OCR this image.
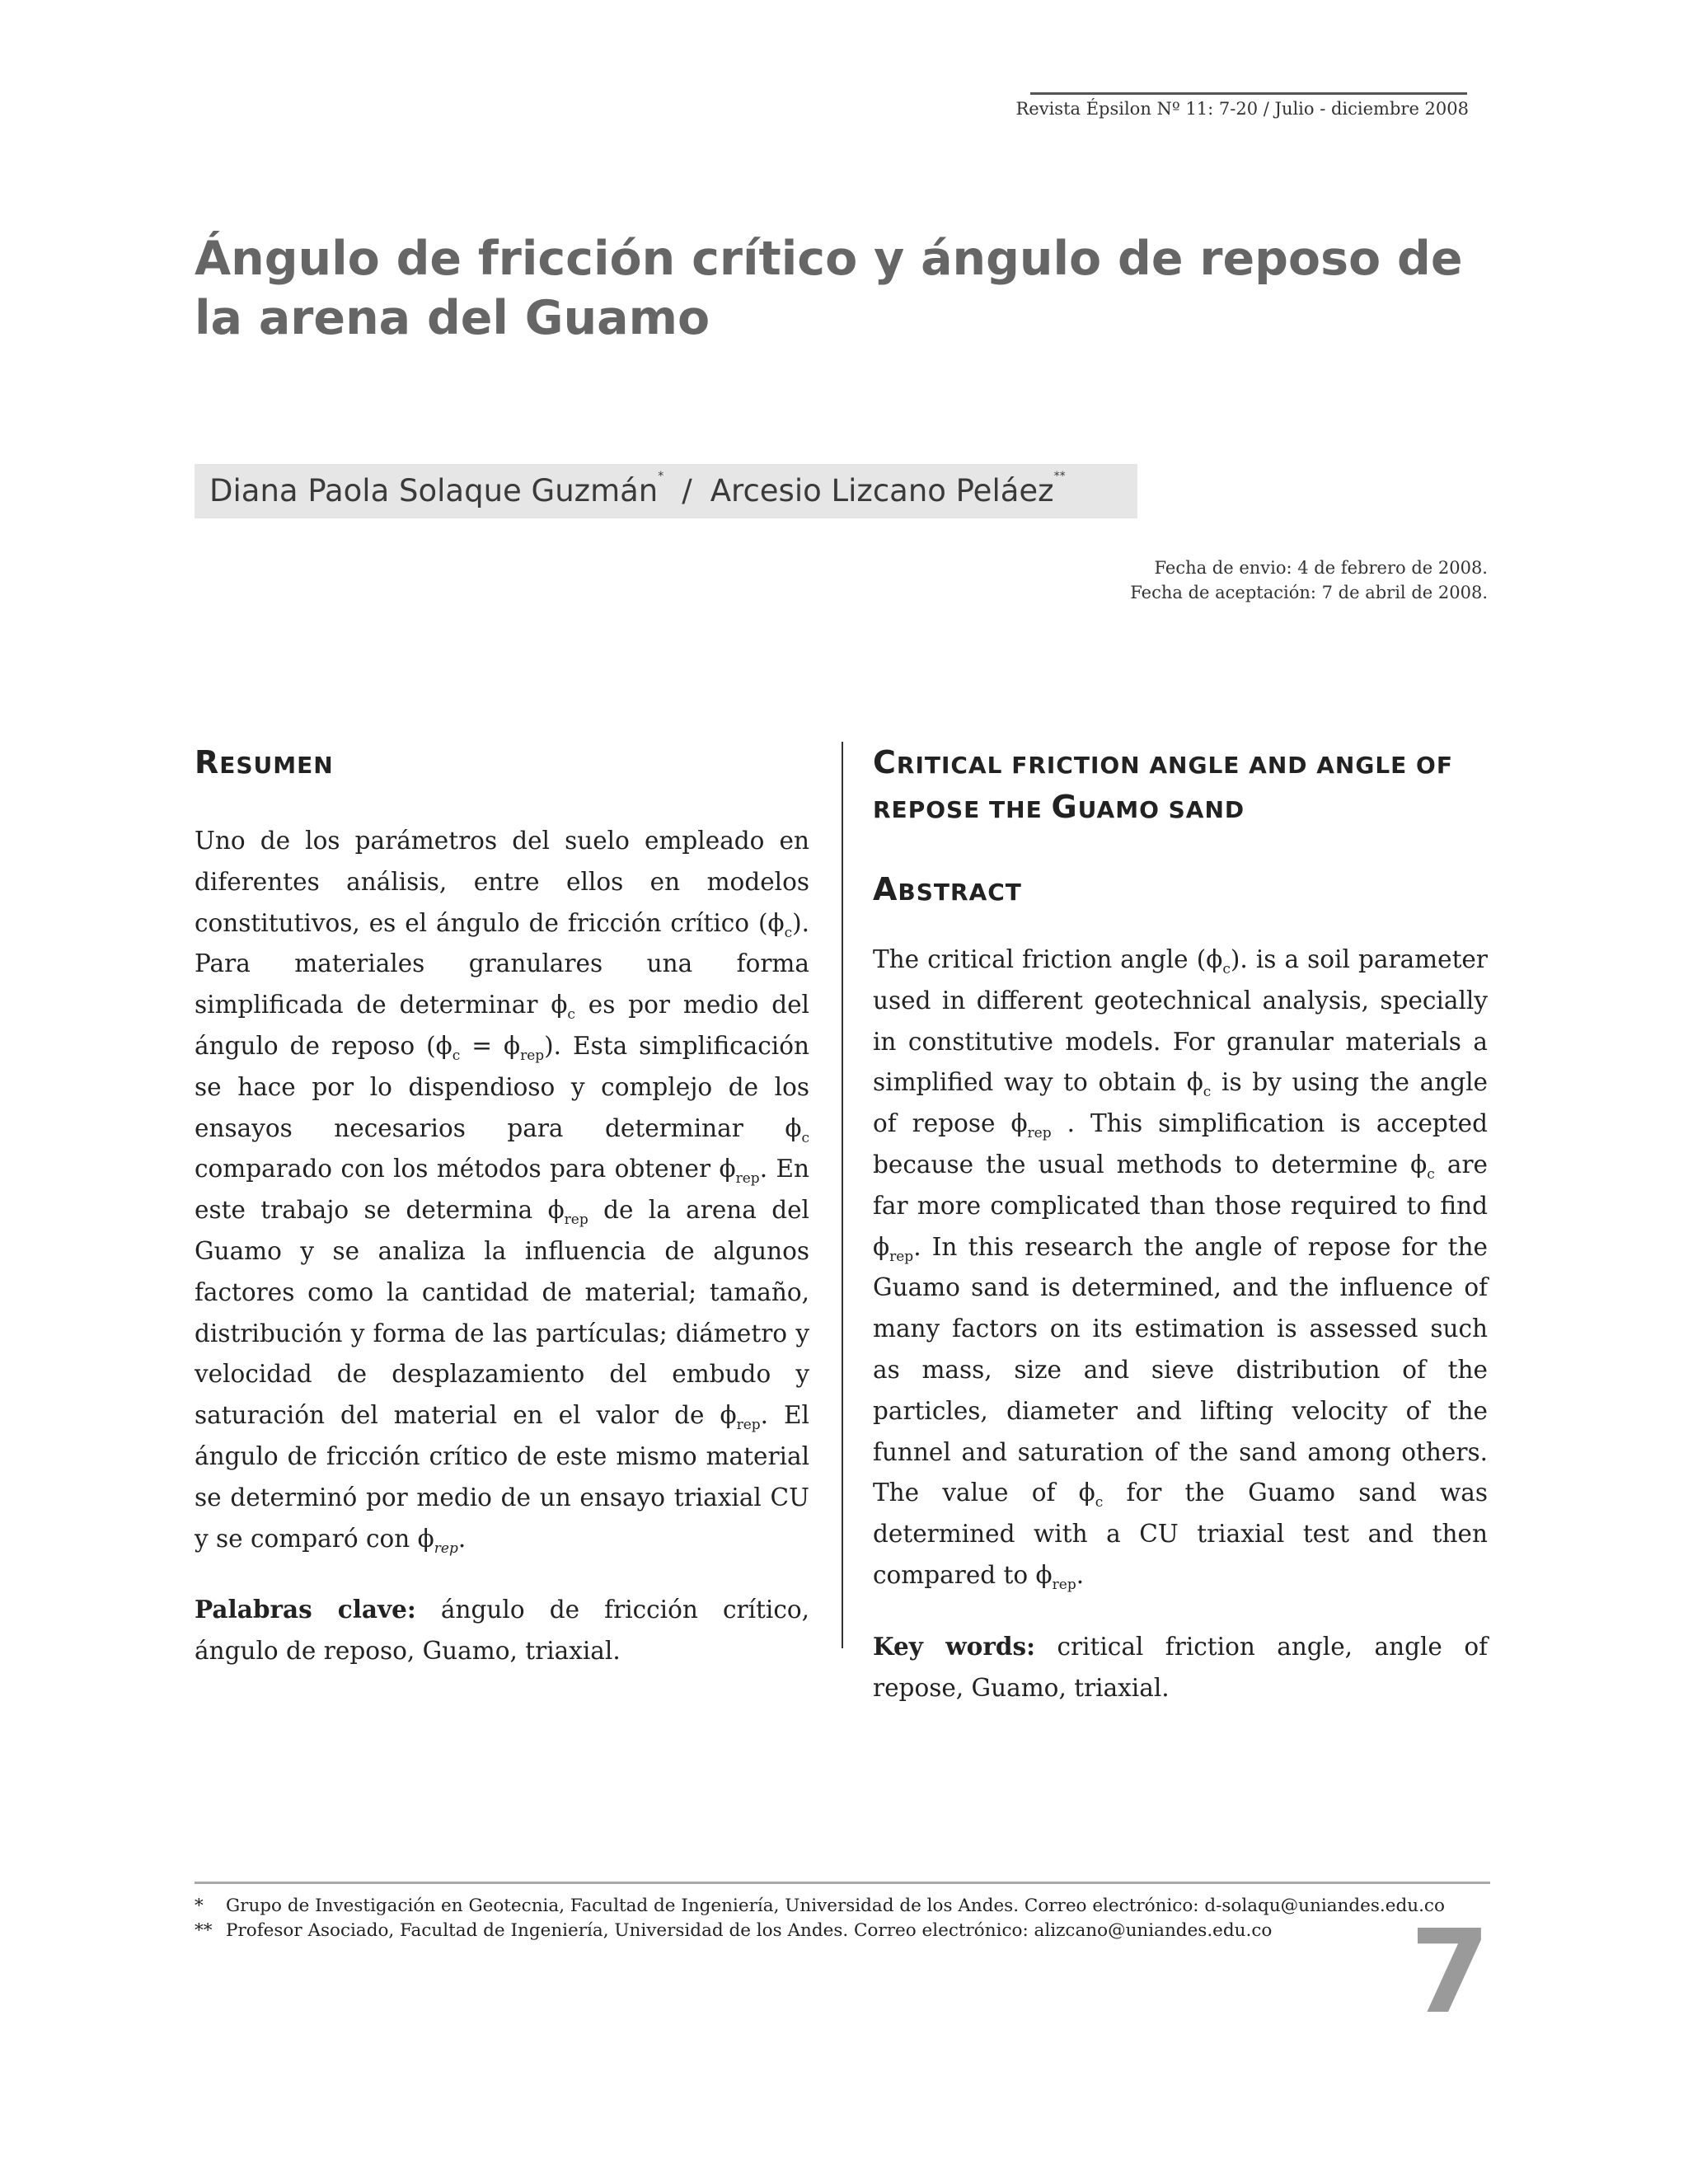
Revista Épsilon Nº 11: 7-20 / Julio - diciembre 2008
Ángulo de fricción crítico y ángulo de reposo de la arena del Guamo
Diana Paola Solaque Guzmán* / Arcesio Lizcano Peláez**
Fecha de envio: 4 de febrero de 2008.
Fecha de aceptación: 7 de abril de 2008.
RESUMEN

Uno de los parámetros del suelo empleado en diferentes análisis, entre ellos en modelos constitutivos, es el ángulo de fricción crítico $(\phi_c)$. Para materiales granulares una forma simplificada de determinar $\phi_c$ es por medio del ángulo de reposo $(\phi_c = \phi_{rep})$. Esta simplificación se hace por lo dispendioso y complejo de los ensayos necesarios para determinar $\phi_c$ comparado con los métodos para obtener $\phi_{rep}$. En este trabajo se determina $\phi_{rep}$ de la arena del Guamo y se analiza la influencia de algunos factores como la cantidad de material; tamaño, distribución y forma de las partículas; diámetro y velocidad de desplazamiento del embudo y saturación del material en el valor de $\phi_{rep}$. El ángulo de fricción crítico de este mismo material se determinó por medio de un ensayo triaxial CU y se comparó con $\phi_{rep}$.

Palabras clave: ángulo de fricción crítico, ángulo de reposo, Guamo, triaxial.

CRITICAL FRICTION ANGLE AND ANGLE OF
REPOSE THE GUAMO SAND
ABSTRACT

The critical friction angle $(\phi_c)$. is a soil parameter used in different geotechnical analysis, specially in constitutive models. For granular materials a simplified way to obtain $\phi_c$ is by using the angle of repose $\phi_{rep}$ . This simplification is accepted because the usual methods to determine $\phi_c$ are far more complicated than those required to find $\phi_{rep}$. In this research the angle of repose for the Guamo sand is determined, and the influence of many factors on its estimation is assessed such as mass, size and sieve distribution of the particles, diameter and lifting velocity of the funnel and saturation of the sand among others. The value of $\phi_c$ for the Guamo sand was determined with a CU triaxial test and then compared to $\phi_{rep}$.

Key words: critical friction angle, angle of repose, Guamo, triaxial.

*	Grupo de Investigación en Geotecnia, Facultad de Ingeniería, Universidad de los Andes. Correo electrónico: d-solaqu@uniandes.edu.co
** Profesor Asociado, Facultad de Ingeniería, Universidad de los Andes. Correo electrónico: alizcano@uniandes.edu.co 7
